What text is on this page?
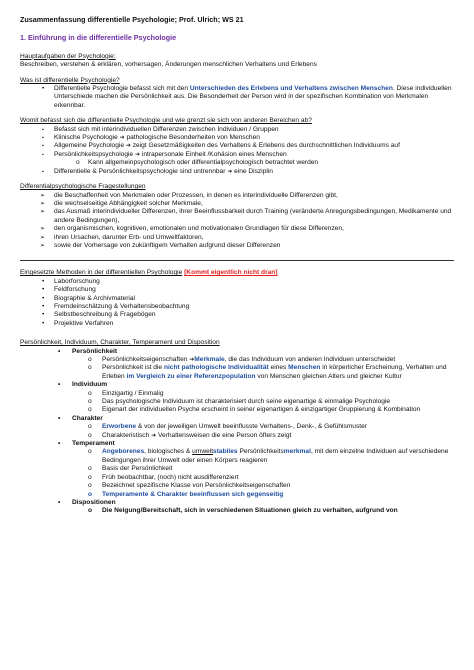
Zusammenfassung differentielle Psychologie; Prof. Ulrich; WS 21
1. Einführung in die differentielle Psychologie
Hauptaufgaben der Psychologie:
Beschreiben, verstehen & erklären, vorhersagen, Änderungen menschlichen Verhaltens und Erlebens
Was ist differentielle Psychologie?
• Differentielle Psychologie befasst sich mit den Unterschieden des Erlebens und Verhaltens zwischen Menschen. Diese individuellen Unterschiede machen die Persönlichkeit aus. Die Besonderheit der Person wird in der spezifischen Kombination von Merkmalen erkennbar.
Womit befasst sich die differentielle Psychologie und wie grenzt sie sich von anderen Bereichen ab?
▪ Befasst sich mit interindividuellen Differenzen zwischen Individuen / Gruppen
▪ Klinische Psychologie ➔ pathologische Besonderheiten von Menschen
▪ Allgemeine Psychologie ➔ zeigt Gesetzmäßigkeiten des Verhaltens & Erlebens des durchschnittlichen Individuums auf
▪ Persönlichkeitspsychologie ➔ intrapersonale Einheit /Kohäsion eines Menschen
o Kann allgemeinpsychologisch oder differentialpsychologisch betrachtet werden
▪ Differentielle & Persönlichkeitspsychologie sind untrennbar ➔ eine Disziplin
Differentialpsychologische Fragestellungen
➢ die Beschaffenheit von Merkmalen oder Prozessen, in denen es interindividuelle Differenzen gibt,
➢ die wechselseitige Abhängigkeit solcher Merkmale,
➢ das Ausmaß interindividueller Differenzen, ihrer Beeinflussbarkeit durch Training (veränderte Anregungsbedingungen, Medikamente und andere Bedingungen),
➢ den organismischen, kognitiven, emotionalen und motivationalen Grundlagen für diese Differenzen,
➢ ihren Ursachen, darunter Erb- und Umweltfaktoren,
➢ sowie der Vorhersage von zukünftigem Verhalten aufgrund dieser Differenzen
Eingesetzte Methoden in der differentiellen Psychologie [Kommt eigentlich nicht dran]
• Laborforschung
• Feldforschung
• Biographie & Archivmaterial
• Fremdeinschätzung & Verhaltensbeobachtung
• Selbstbeschreibung & Fragebögen
• Projektive Verfahren
Persönlichkeit, Individuum, Charakter, Temperament und Disposition
• Persönlichkeit
o Persönlichkeitseigenschaften ➔Merkmale, die das Individuum von anderen Individuen unterscheidet
o Persönlichkeit ist die nicht pathologische Individualität eines Menschen in körperlicher Erscheinung, Verhalten und Erleben im Vergleich zu einer Referenzpopulation von Menschen gleichen Alters und gleicher Kultur
• Individuum
o Einzigartig / Einmalig
o Das psychologische Individuum ist charakterisiert durch seine eigenartige & einmalige Psychologie
o Eigenart der individuellen Psyche erscheint in seiner eigenartigen & einzigartiger Gruppierung & Kombination
• Charakter
o Erworbene & von der jeweiligen Umwelt beeinflusste Verhaltens-, Denk-, & Gefühlsmuster
o Charakteristisch ➔ Verhaltensweisen die eine Person öfters zeigt
• Temperament
o Angeborenes, biologisches & umweltstabiles Persönlichkeitsmerkmal, mit dem einzelne Individuen auf verschiedene Bedingungen ihrer Umwelt oder einen Körpers reagieren
o Basis der Persönlichkeit
o Früh beobachtbar, (noch) nicht ausdifferenziert
o Bezeichnet spezifische Klasse von Persönlichkeitseigenschaften
o Temperamente & Charakter beeinflussen sich gegenseitig
• Dispositionen
o Die Neigung/Bereitschaft, sich in verschiedenen Situationen gleich zu verhalten, aufgrund von
